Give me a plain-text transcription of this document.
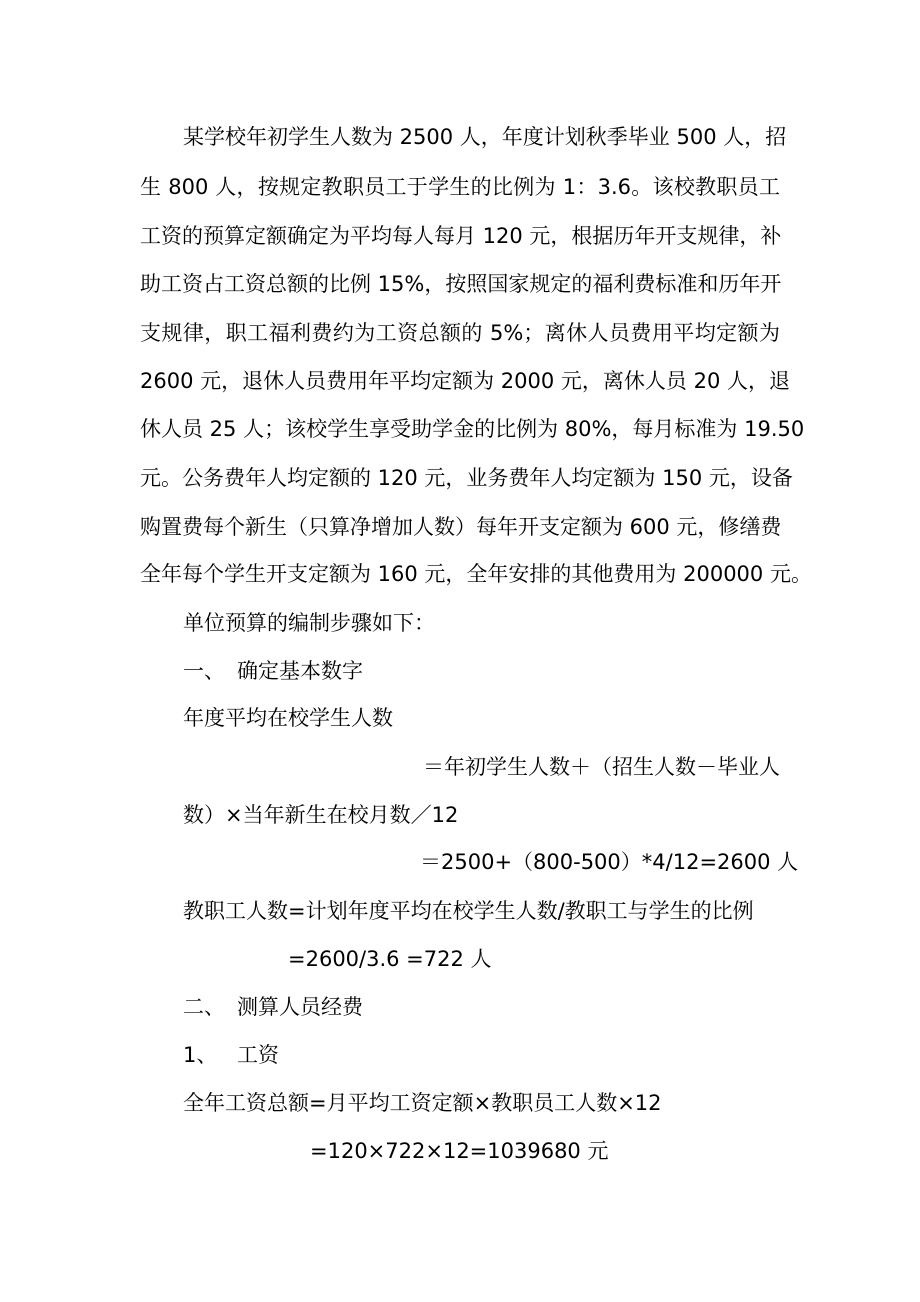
某学校年初学生人数为 2500 人，年度计划秋季毕业 500 人，招

生 800 人，按规定教职员工于学生的比例为 1：3.6。该校教职员工

工资的预算定额确定为平均每人每月 120 元，根据历年开支规律，补

助工资占工资总额的比例 15%，按照国家规定的福利费标准和历年开

支规律，职工福利费约为工资总额的 5%；离休人员费用平均定额为

2600 元，退休人员费用年平均定额为 2000 元，离休人员 20 人，退

休人员 25 人；该校学生享受助学金的比例为 80%，每月标准为 19.50

元。公务费年人均定额的 120 元，业务费年人均定额为 150 元，设备

购置费每个新生（只算净增加人数）每年开支定额为 600 元，修缮费

全年每个学生开支定额为 160 元，全年安排的其他费用为 200000 元。

单位预算的编制步骤如下：

一、 确定基本数字

年度平均在校学生人数

＝年初学生人数＋（招生人数－毕业人

数）×当年新生在校月数／12

＝2500+（800-500）*4/12=2600 人

教职工人数=计划年度平均在校学生人数/教职工与学生的比例

=2600/3.6 =722 人

二、 测算人员经费

1、 工资

全年工资总额=月平均工资定额×教职员工人数×12

=120×722×12=1039680 元
